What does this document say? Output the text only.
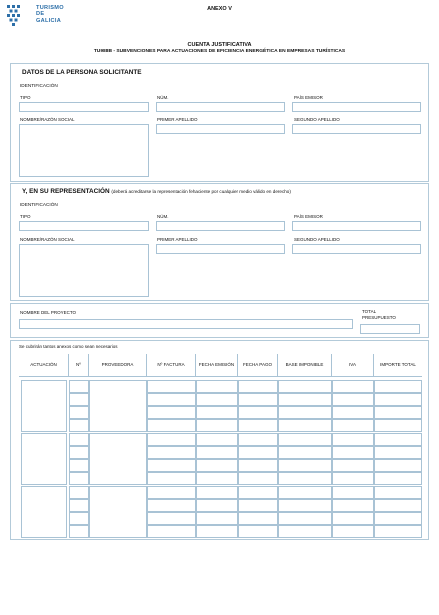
TURISMO
DE
GALICIA
ANEXO V
CUENTA JUSTIFICATIVA
TU988B - SUBVENCIONES PARA ACTUACIONES DE EFICIENCIA ENERGÉTICA EN EMPRESAS TURÍSTICAS
DATOS DE LA PERSONA SOLICITANTE
IDENTIFICACIÓN
TIPO	NÚM.	PAÍS EMISOR
NOMBRE/RAZÓN SOCIAL	PRIMER APELLIDO	SEGUNDO APELLIDO
Y, EN SU REPRESENTACIÓN (deberá acreditarse la representación fehaciente por cualquier medio válido en derecho)
IDENTIFICACIÓN
TIPO	NÚM.	PAÍS EMISOR
NOMBRE/RAZÓN SOCIAL	PRIMER APELLIDO	SEGUNDO APELLIDO
NOMBRE DEL PROYECTO	TOTAL
PRESUPUESTO
Se cubrirán tantos anexos como sean necesarios
ACTUACIÓN	Nº	PROVEEDORA	Nº FACTURA	FECHA EMISIÓN	FECHA PAGO	BASE IMPONIBLE	IVA	IMPORTE TOTAL
